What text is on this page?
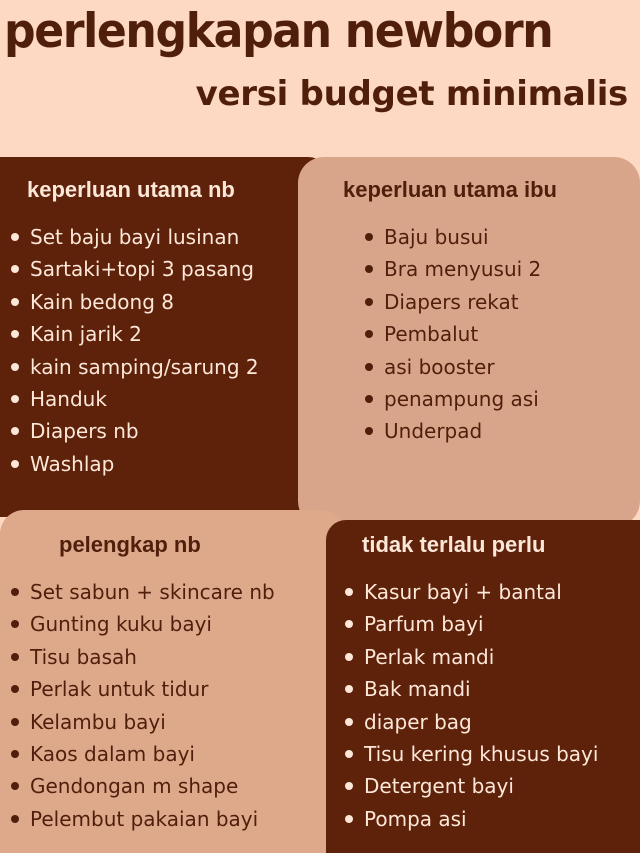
perlengkapan newborn
versi budget minimalis
keperluan utama nb
Set baju bayi lusinan
Sartaki+topi 3 pasang
Kain bedong 8
Kain jarik 2
kain samping/sarung 2
Handuk
Diapers nb
Washlap
keperluan utama ibu
Baju busui
Bra menyusui 2
Diapers rekat
Pembalut
asi booster
penampung asi
Underpad
pelengkap nb
Set sabun + skincare nb
Gunting kuku bayi
Tisu basah
Perlak untuk tidur
Kelambu bayi
Kaos dalam bayi
Gendongan m shape
Pelembut pakaian bayi
tidak terlalu perlu
Kasur bayi + bantal
Parfum bayi
Perlak mandi
Bak mandi
diaper bag
Tisu kering khusus bayi
Detergent bayi
Pompa asi
